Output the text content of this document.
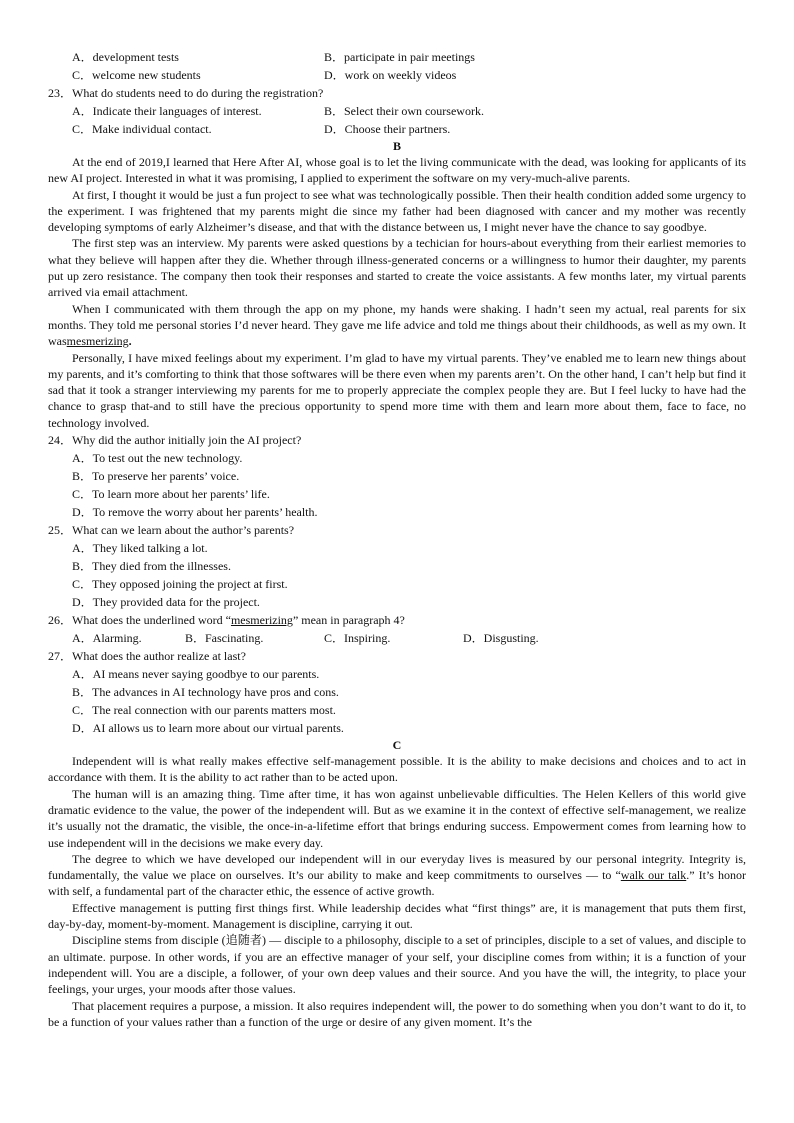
A．development tests	B．participate in pair meetings
C．welcome new students	D．work on weekly videos
23．What do students need to do during the registration?
A．Indicate their languages of interest.	B．Select their own coursework.
C．Make individual contact.	D．Choose their partners.
B

At the end of 2019,I learned that Here After AI, whose goal is to let the living communicate with the dead, was looking for applicants of its new AI project. Interested in what it was promising, I applied to experiment the software on my very-much-alive parents.

At first, I thought it would be just a fun project to see what was technologically possible. Then their health condition added some urgency to the experiment. I was frightened that my parents might die since my father had been diagnosed with cancer and my mother was recently developing symptoms of early Alzheimer’s disease, and that with the distance between us, I might never have the chance to say goodbye.

The first step was an interview. My parents were asked questions by a techician for hours-about everything from their earliest memories to what they believe will happen after they die. Whether through illness-generated concerns or a willingness to humor their daughter, my parents put up zero resistance. The company then took their responses and started to create the voice assistants. A few months later, my virtual parents arrived via email attachment.

When I communicated with them through the app on my phone, my hands were shaking. I hadn’t seen my actual, real parents for six months. They told me personal stories I’d never heard. They gave me life advice and told me things about their childhoods, as well as my own. It wasmesmerizing.

Personally, I have mixed feelings about my experiment. I’m glad to have my virtual parents. They’ve enabled me to learn new things about my parents, and it’s comforting to think that those softwares will be there even when my parents aren’t. On the other hand, I can’t help but find it sad that it took a stranger interviewing my parents for me to properly appreciate the complex people they are. But I feel lucky to have had the chance to grasp that-and to still have the precious opportunity to spend more time with them and learn more about them, face to face, no technology involved.

24．Why did the author initially join the AI project?
A．To test out the new technology.
B．To preserve her parents’ voice.
C．To learn more about her parents’ life.
D．To remove the worry about her parents’ health.
25．What can we learn about the author’s parents?
A．They liked talking a lot.
B．They died from the illnesses.
C．They opposed joining the project at first.
D．They provided data for the project.
26．What does the underlined word “mesmerizing” mean in paragraph 4?
A．Alarming.	B．Fascinating.	C．Inspiring.	D．Disgusting.
27．What does the author realize at last?
A．AI means never saying goodbye to our parents.
B．The advances in AI technology have pros and cons.
C．The real connection with our parents matters most.
D．AI allows us to learn more about our virtual parents.
C

Independent will is what really makes effective self-management possible. It is the ability to make decisions and choices and to act in accordance with them. It is the ability to act rather than to be acted upon.

The human will is an amazing thing. Time after time, it has won against unbelievable difficulties. The Helen Kellers of this world give dramatic evidence to the value, the power of the independent will. But as we examine it in the context of effective self-management, we realize it’s usually not the dramatic, the visible, the once-in-a-lifetime effort that brings enduring success. Empowerment comes from learning how to use independent will in the decisions we make every day.

The degree to which we have developed our independent will in our everyday lives is measured by our personal integrity. Integrity is, fundamentally, the value we place on ourselves. It’s our ability to make and keep commitments to ourselves — to “walk our talk.” It’s honor with self, a fundamental part of the character ethic, the essence of active growth.

Effective management is putting first things first. While leadership decides what “first things” are, it is management that puts them first, day-by-day, moment-by-moment. Management is discipline, carrying it out.

Discipline stems from disciple (追随者) — disciple to a philosophy, disciple to a set of principles, disciple to a set of values, and disciple to an ultimate. purpose. In other words, if you are an effective manager of your self, your discipline comes from within; it is a function of your independent will. You are a disciple, a follower, of your own deep values and their source. And you have the will, the integrity, to place your feelings, your urges, your moods after those values.

That placement requires a purpose, a mission. It also requires independent will, the power to do something when you don’t want to do it, to be a function of your values rather than a function of the urge or desire of any given moment. It’s the
